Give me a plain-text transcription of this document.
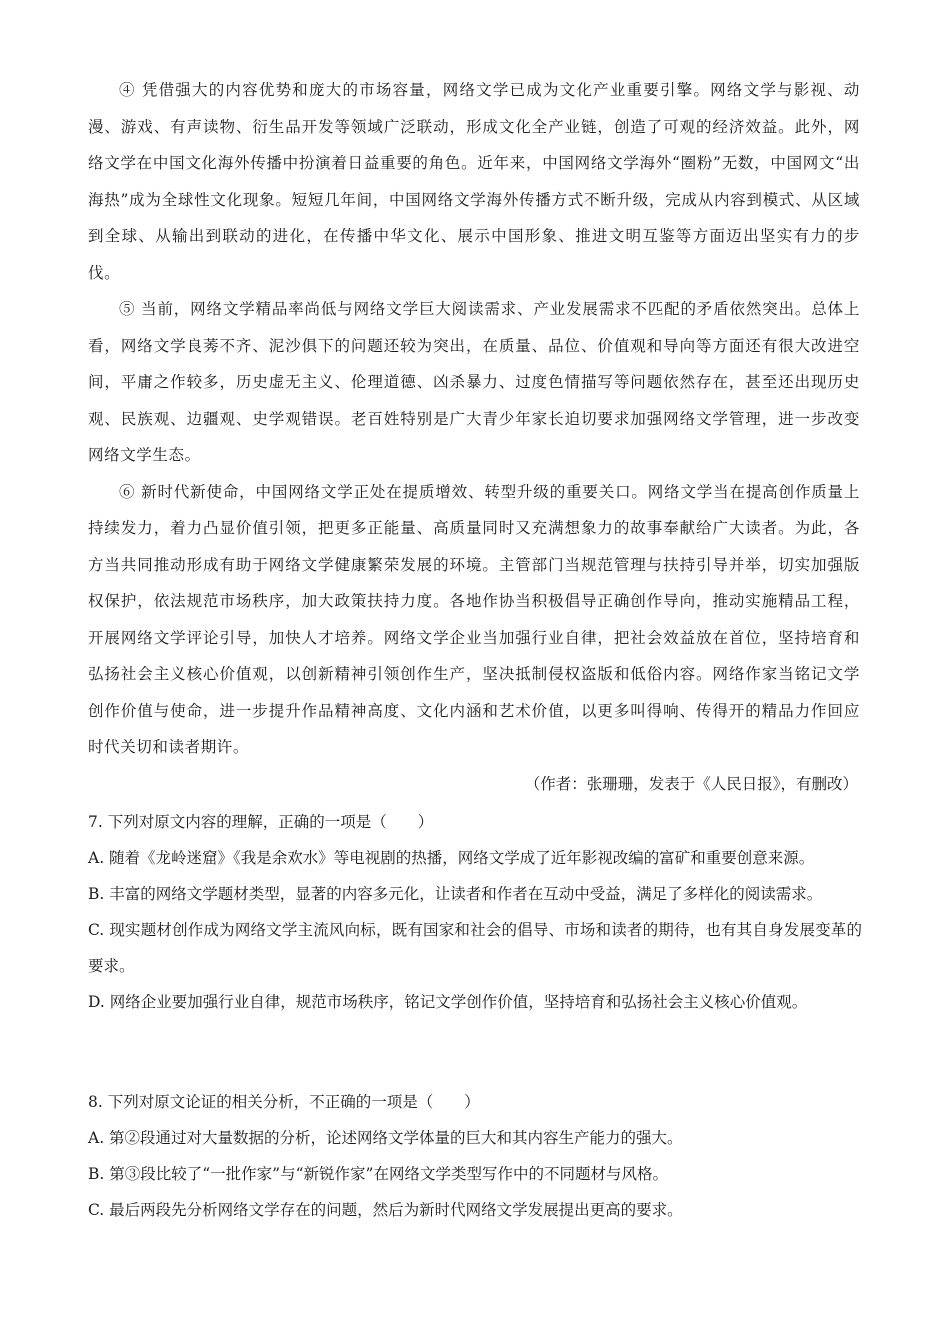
④ 凭借强大的内容优势和庞大的市场容量，网络文学已成为文化产业重要引擎。网络文学与影视、动漫、游戏、有声读物、衍生品开发等领域广泛联动，形成文化全产业链，创造了可观的经济效益。此外，网络文学在中国文化海外传播中扮演着日益重要的角色。近年来，中国网络文学海外“圈粉”无数，中国网文“出海热”成为全球性文化现象。短短几年间，中国网络文学海外传播方式不断升级，完成从内容到模式、从区域到全球、从输出到联动的进化，在传播中华文化、展示中国形象、推进文明互鉴等方面迈出坚实有力的步伐。

⑤ 当前，网络文学精品率尚低与网络文学巨大阅读需求、产业发展需求不匹配的矛盾依然突出。总体上看，网络文学良莠不齐、泥沙俱下的问题还较为突出，在质量、品位、价值观和导向等方面还有很大改进空间，平庸之作较多，历史虚无主义、伦理道德、凶杀暴力、过度色情描写等问题依然存在，甚至还出现历史观、民族观、边疆观、史学观错误。老百姓特别是广大青少年家长迫切要求加强网络文学管理，进一步改变网络文学生态。

⑥ 新时代新使命，中国网络文学正处在提质增效、转型升级的重要关口。网络文学当在提高创作质量上持续发力，着力凸显价值引领，把更多正能量、高质量同时又充满想象力的故事奉献给广大读者。为此，各方当共同推动形成有助于网络文学健康繁荣发展的环境。主管部门当规范管理与扶持引导并举，切实加强版权保护，依法规范市场秩序，加大政策扶持力度。各地作协当积极倡导正确创作导向，推动实施精品工程，开展网络文学评论引导，加快人才培养。网络文学企业当加强行业自律，把社会效益放在首位，坚持培育和弘扬社会主义核心价值观，以创新精神引领创作生产，坚决抵制侵权盗版和低俗内容。网络作家当铭记文学创作价值与使命，进一步提升作品精神高度、文化内涵和艺术价值，以更多叫得响、传得开的精品力作回应时代关切和读者期许。

（作者：张珊珊，发表于《人民日报》，有删改）

7. 下列对原文内容的理解，正确的一项是（　　）

A. 随着《龙岭迷窟》《我是余欢水》等电视剧的热播，网络文学成了近年影视改编的富矿和重要创意来源。

B. 丰富的网络文学题材类型，显著的内容多元化，让读者和作者在互动中受益，满足了多样化的阅读需求。

C. 现实题材创作成为网络文学主流风向标，既有国家和社会的倡导、市场和读者的期待，也有其自身发展变革的要求。

D. 网络企业要加强行业自律，规范市场秩序，铭记文学创作价值，坚持培育和弘扬社会主义核心价值观。

8. 下列对原文论证的相关分析，不正确的一项是（　　）

A. 第②段通过对大量数据的分析，论述网络文学体量的巨大和其内容生产能力的强大。

B. 第③段比较了“一批作家”与“新锐作家”在网络文学类型写作中的不同题材与风格。

C. 最后两段先分析网络文学存在的问题，然后为新时代网络文学发展提出更高的要求。
